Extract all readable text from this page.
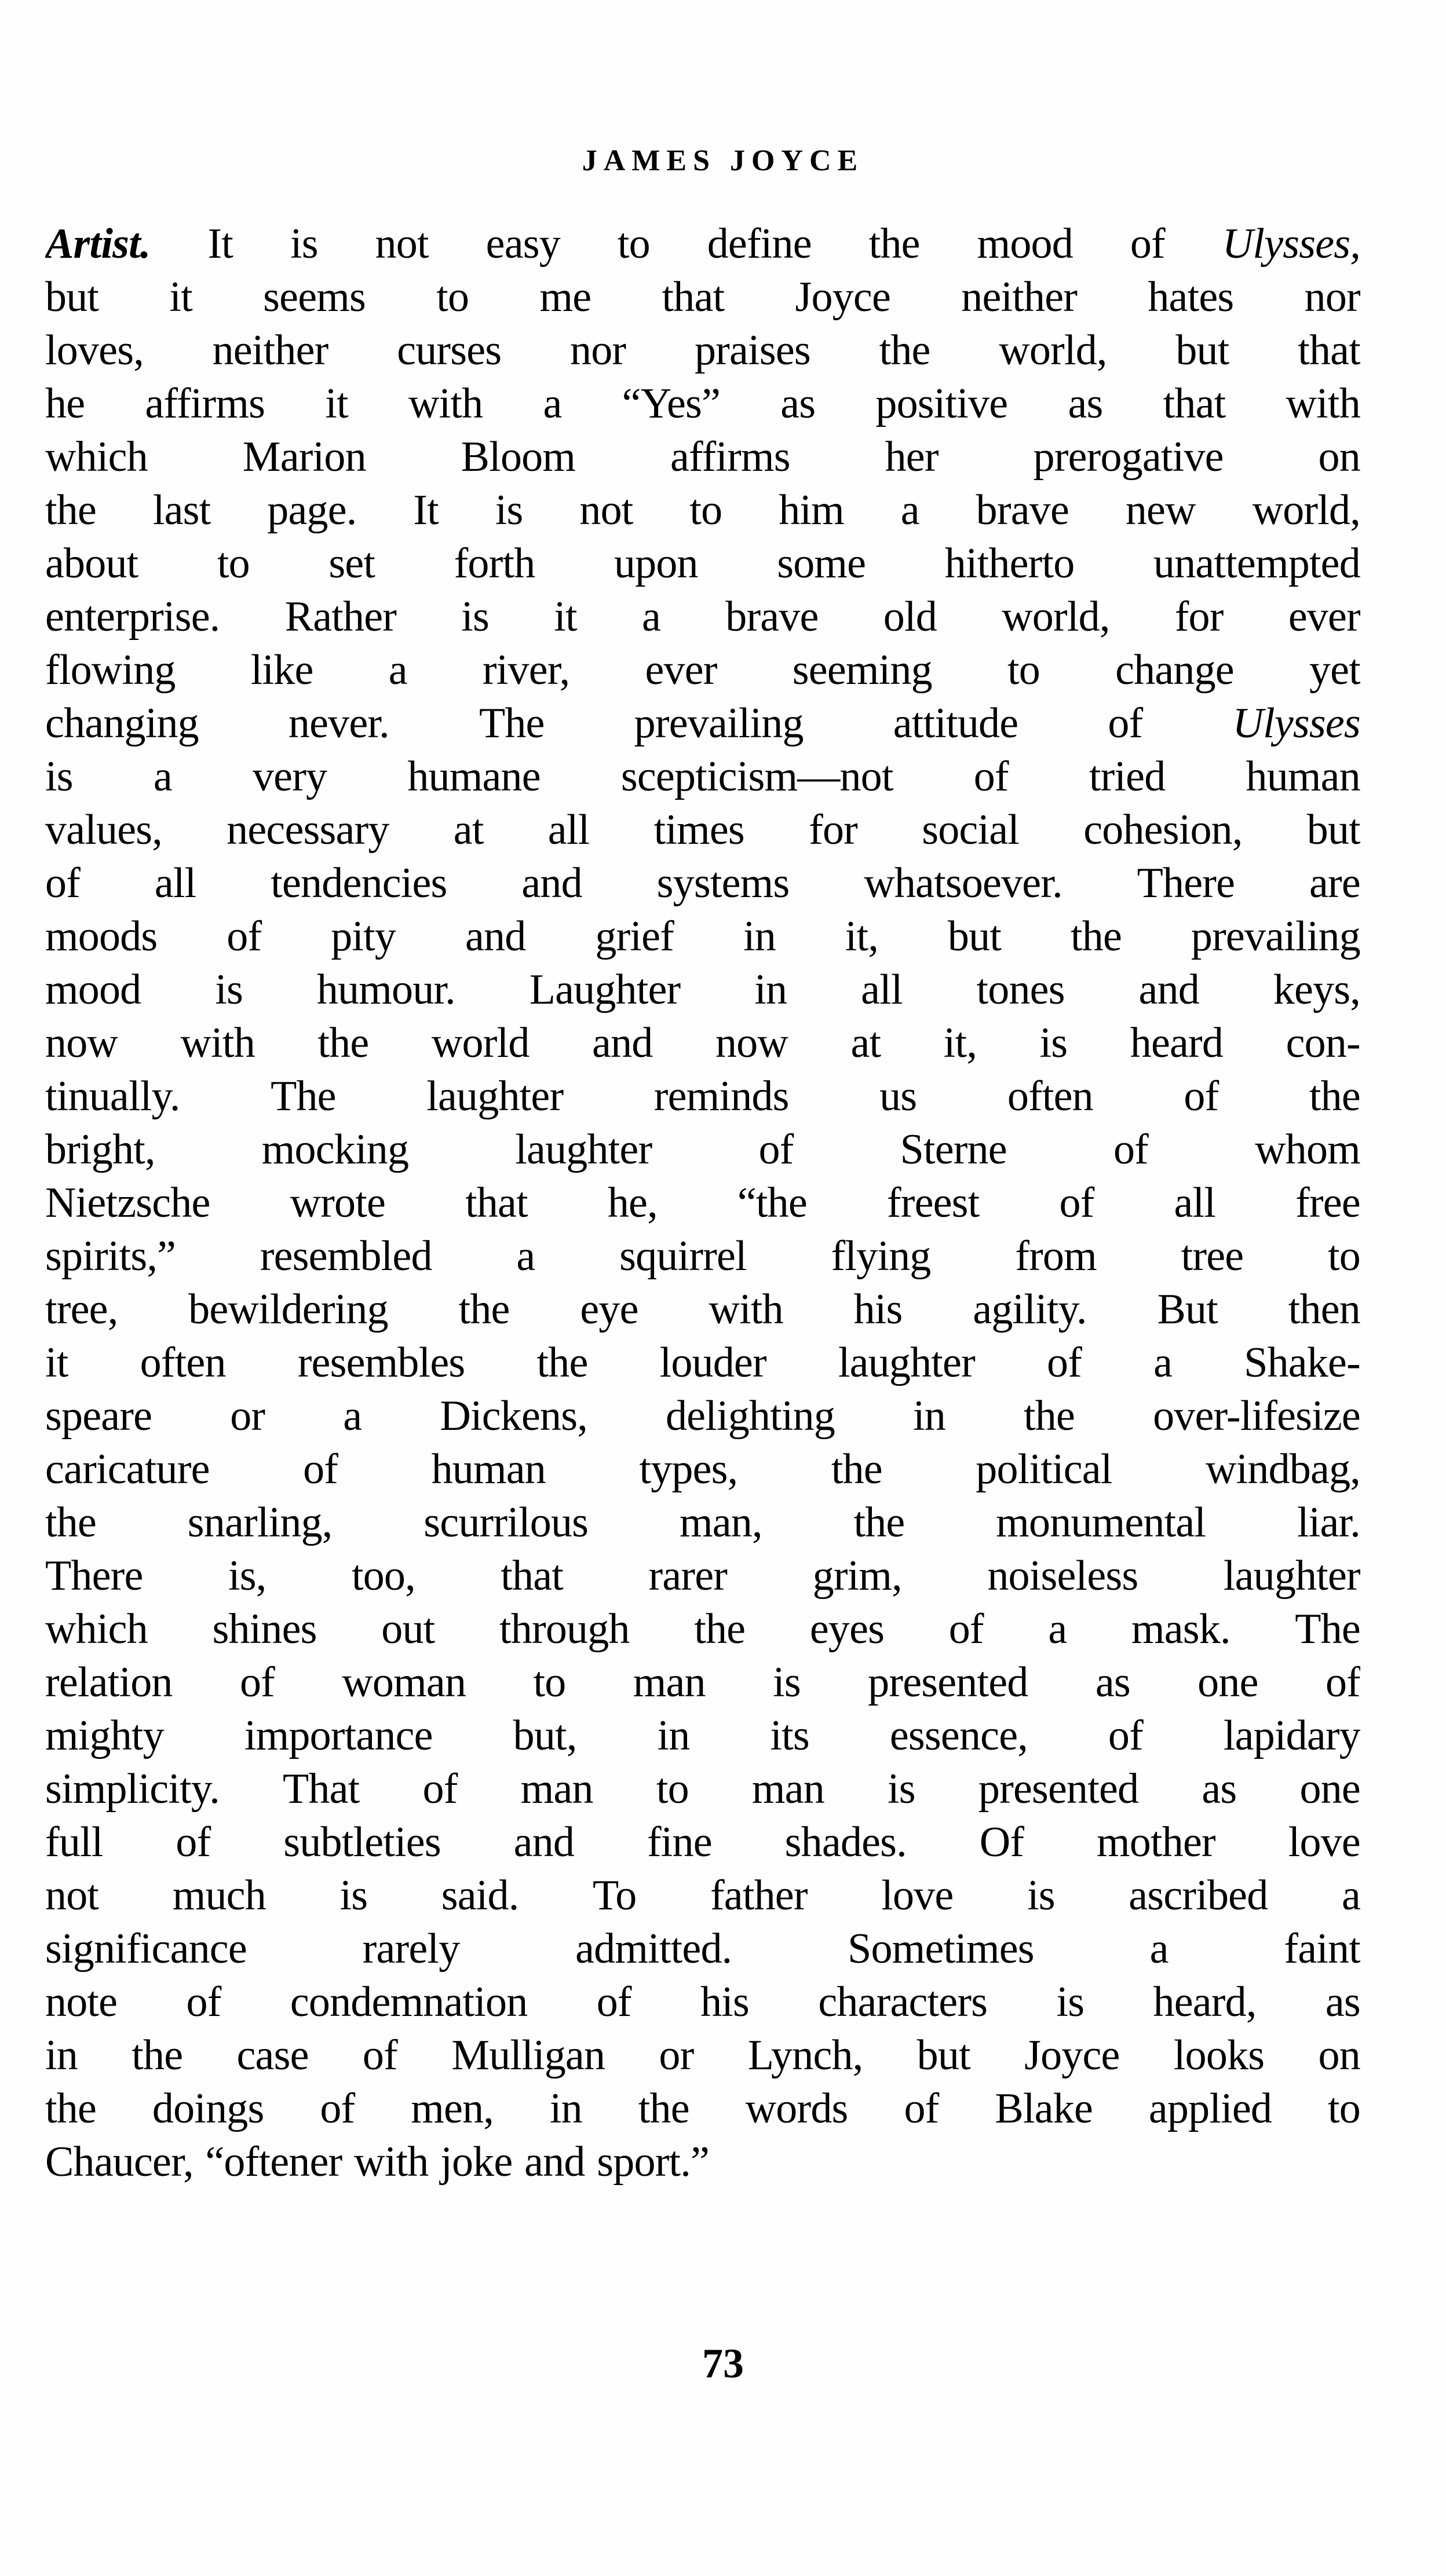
JAMES JOYCE
Artist. It is not easy to define the mood of Ulysses,
but it seems to me that Joyce neither hates nor
loves, neither curses nor praises the world, but that
he affirms it with a “Yes” as positive as that with
which Marion Bloom affirms her prerogative on
the last page. It is not to him a brave new world,
about to set forth upon some hitherto unattempted
enterprise. Rather is it a brave old world, for ever
flowing like a river, ever seeming to change yet
changing never. The prevailing attitude of Ulysses
is a very humane scepticism—not of tried human
values, necessary at all times for social cohesion, but
of all tendencies and systems whatsoever. There are
moods of pity and grief in it, but the prevailing
mood is humour. Laughter in all tones and keys,
now with the world and now at it, is heard con-
tinually. The laughter reminds us often of the
bright, mocking laughter of Sterne of whom
Nietzsche wrote that he, “the freest of all free
spirits,” resembled a squirrel flying from tree to
tree, bewildering the eye with his agility. But then
it often resembles the louder laughter of a Shake-
speare or a Dickens, delighting in the over-lifesize
caricature of human types, the political windbag,
the snarling, scurrilous man, the monumental liar.
There is, too, that rarer grim, noiseless laughter
which shines out through the eyes of a mask. The
relation of woman to man is presented as one of
mighty importance but, in its essence, of lapidary
simplicity. That of man to man is presented as one
full of subtleties and fine shades. Of mother love
not much is said. To father love is ascribed a
significance	rarely	admitted.	Sometimes	a	faint
note of condemnation of his characters is heard, as
in the case of Mulligan or Lynch, but Joyce looks on
the doings of men, in the words of Blake applied to
Chaucer, “oftener with joke and sport.”
73
